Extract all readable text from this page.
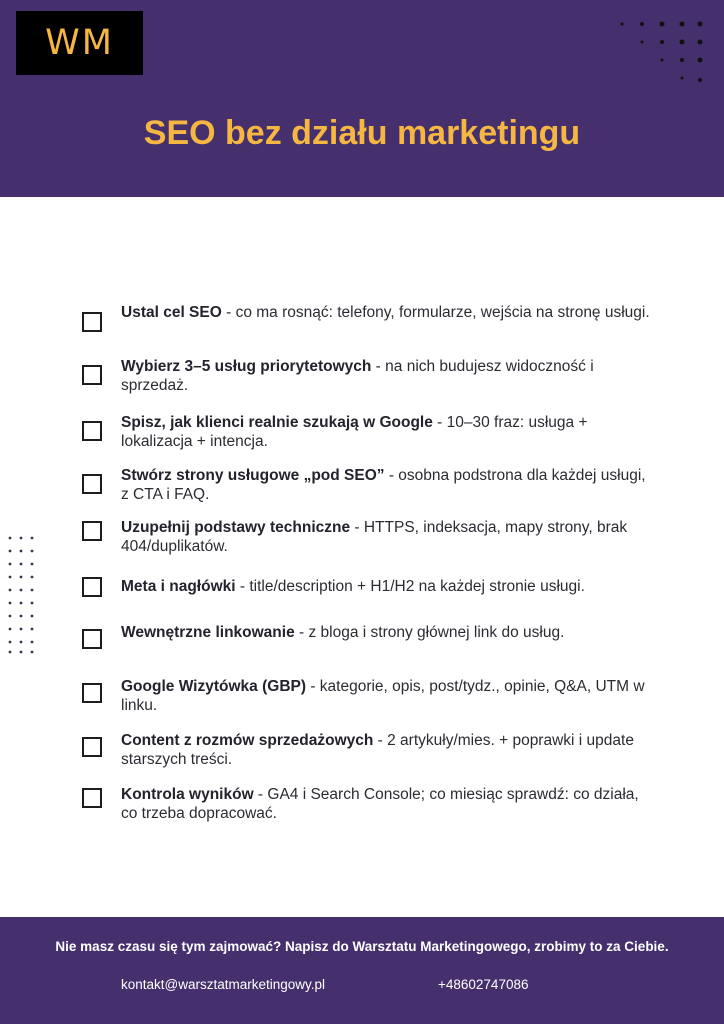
WM
SEO bez działu marketingu
Ustal cel SEO - co ma rosnąć: telefony, formularze, wejścia na stronę usługi.
Wybierz 3–5 usług priorytetowych - na nich budujesz widoczność i sprzedaż.
Spisz, jak klienci realnie szukają w Google - 10–30 fraz: usługa + lokalizacja + intencja.
Stwórz strony usługowe „pod SEO” - osobna podstrona dla każdej usługi, z CTA i FAQ.
Uzupełnij podstawy techniczne - HTTPS, indeksacja, mapy strony, brak 404/duplikatów.
Meta i nagłówki - title/description + H1/H2 na każdej stronie usługi.
Wewnętrzne linkowanie - z bloga i strony głównej link do usług.
Google Wizytówka (GBP) - kategorie, opis, post/tydz., opinie, Q&A, UTM w linku.
Content z rozmów sprzedażowych - 2 artykuły/mies. + poprawki i update starszych treści.
Kontrola wyników - GA4 i Search Console; co miesiąc sprawdź: co działa, co trzeba dopracować.
Nie masz czasu się tym zajmować? Napisz do Warsztatu Marketingowego, zrobimy to za Ciebie.
kontakt@warsztatmarketingowy.pl	+48602747086
